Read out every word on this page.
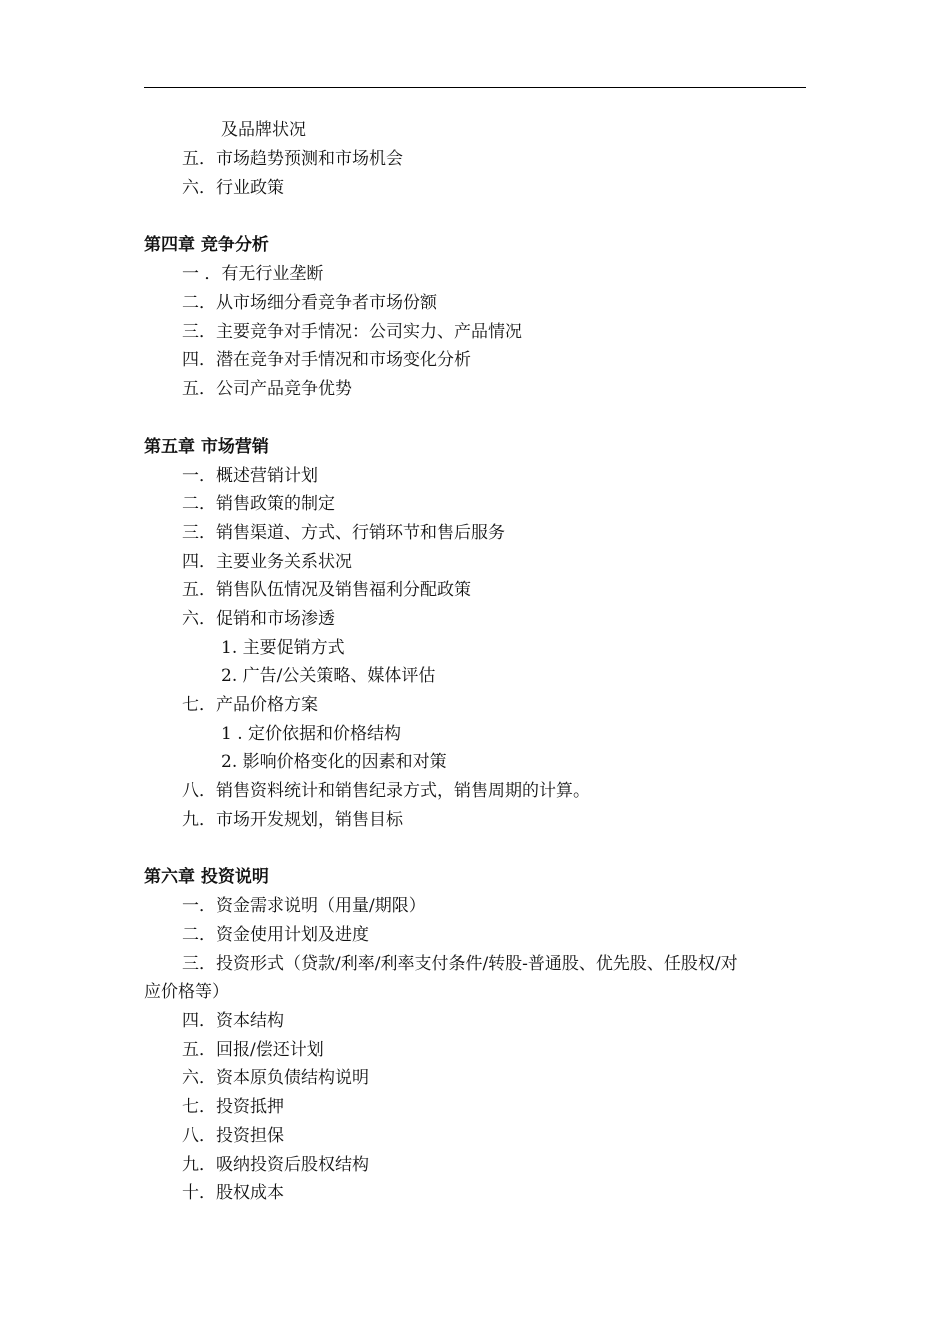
及品牌状况
五．市场趋势预测和市场机会
六．行业政策
第四章 竞争分析
一 ．有无行业垄断
二．从市场细分看竞争者市场份额
三．主要竞争对手情况：公司实力、产品情况
四．潜在竞争对手情况和市场变化分析
五．公司产品竞争优势
第五章 市场营销
一．概述营销计划
二．销售政策的制定
三．销售渠道、方式、行销环节和售后服务
四．主要业务关系状况
五．销售队伍情况及销售福利分配政策
六．促销和市场渗透
1. 主要促销方式
2. 广告/公关策略、媒体评估
七．产品价格方案
1 . 定价依据和价格结构
2. 影响价格变化的因素和对策
八．销售资料统计和销售纪录方式，销售周期的计算。
九．市场开发规划，销售目标
第六章 投资说明
一．资金需求说明（用量/期限）
二．资金使用计划及进度
三．投资形式（贷款/利率/利率支付条件/转股-普通股、优先股、任股权/对
应价格等）
四．资本结构
五．回报/偿还计划
六．资本原负债结构说明
七．投资抵押
八．投资担保
九．吸纳投资后股权结构
十．股权成本
